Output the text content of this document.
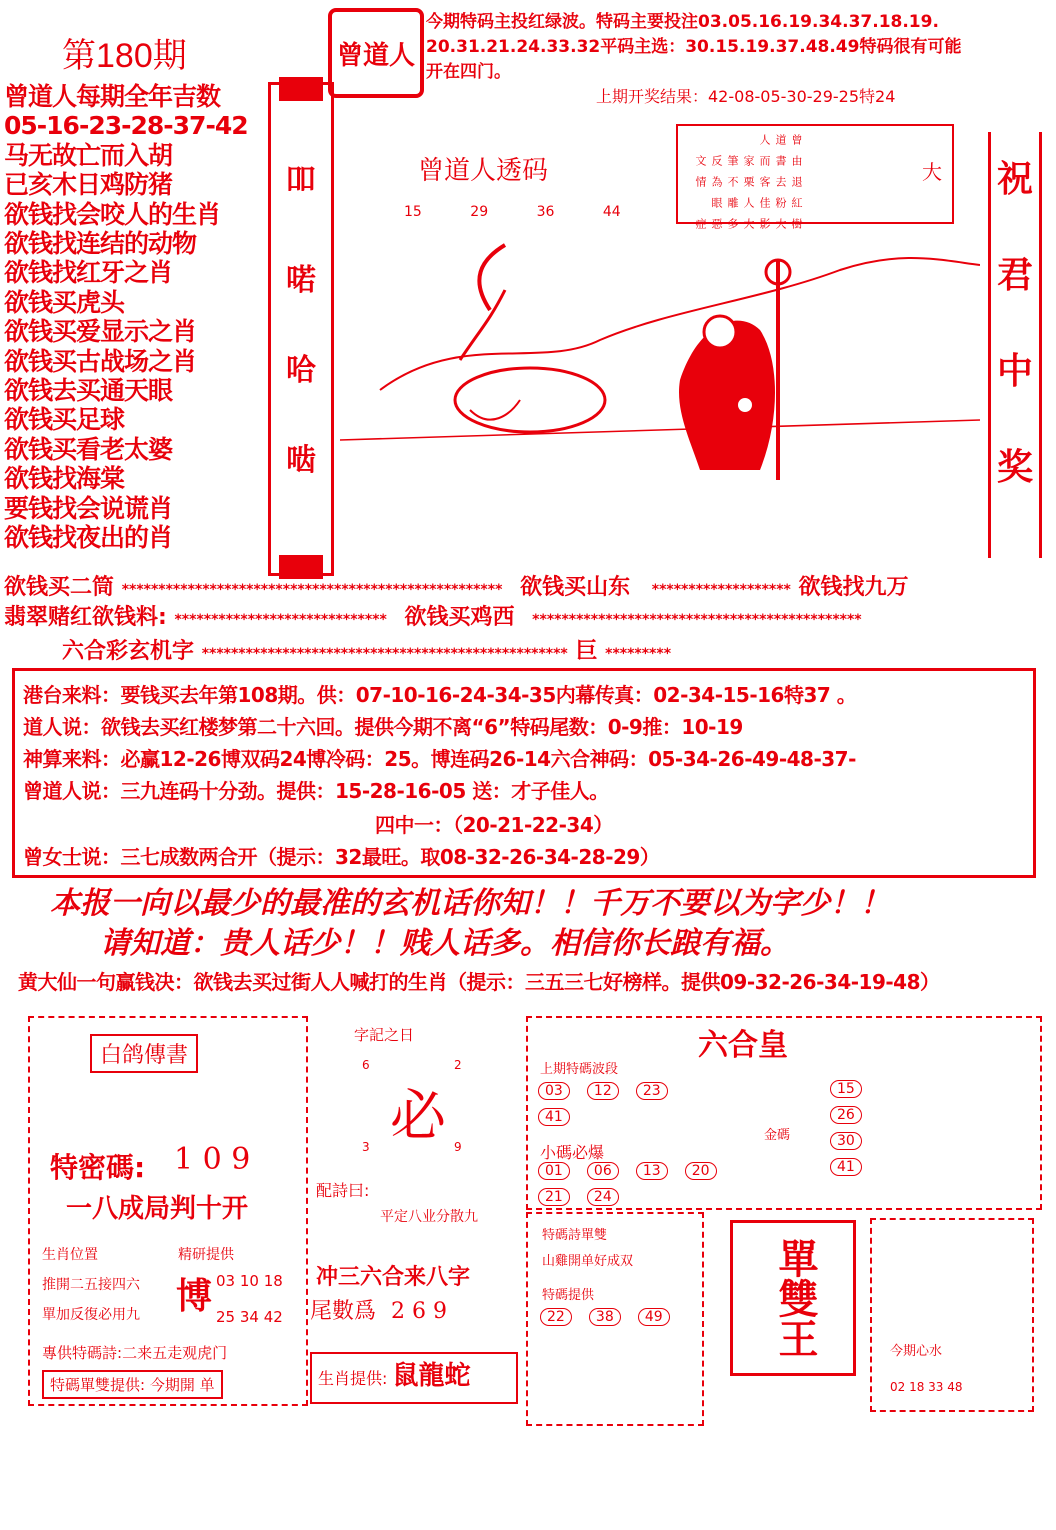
第180期	曾道人
今期特码主投红绿波。特码主要投注03.05.16.19.34.37.18.19.
20.31.21.24.33.32平码主选：30.15.19.37.48.49特码很有可能
开在四门。
上期开奖结果：42-08-05-30-29-25特24
曾道人每期全年吉数
05-16-23-28-37-42
马无故亡而入胡
已亥木日鸡防猪
欲钱找会咬人的生肖
欲钱找连结的动物
欲钱找红牙之肖
欲钱买虎头
欲钱买爱显示之肖
欲钱买古战场之肖
欲钱去买通天眼
欲钱买足球
欲钱买看老太婆
欲钱找海棠
要钱找会说谎肖
欲钱找夜出的肖
吅
喏
哈
啮
曾道人
由書而家筆反文
退去客栗不為情
紅粉佳人雕眼
樹大影大多惡症
大 祝
君
中
奖
曾道人透码
15	29	36	44
欲钱买二筒 **************************************************** 欲钱买山东 ******************* 欲钱找九万
翡翠赌红欲钱料: ***************************** 欲钱买鸡西 *********************************************
六合彩玄机字 ************************************************** 巨 *********
港台来料：要钱买去年第108期。供：07-10-16-24-34-35内幕传真：02-34-15-16特37 。
道人说：欲钱去买红楼梦第二十六回。提供今期不离“6”特码尾数：0-9推：10-19
神算来料：必赢12-26博双码24博冷码：25。博连码26-14六合神码：05-34-26-49-48-37-
曾道人说：三九连码十分劲。提供：15-28-16-05 送：才子佳人。
四中一：（20-21-22-34）
曾女士说：三七成数两合开（提示：32最旺。取08-32-26-34-28-29）
本报一向以最少的最准的玄机话你知！！千万不要以为字少！！
请知道：贵人话少！！贱人话多。相信你长踉有福。
黄大仙一句赢钱决：欲钱去买过街人人喊打的生肖（提示：三五三七好榜样。提供09-32-26-34-19-48）
白鸽傳書
特密碼: 1 0 9
一八成局判十开
生肖位置
推開二五接四六
單加反復必用九
精研提供
博 03 10 18
25 34 42
專供特碼詩:二来五走观虎门
特碼單雙提供: 今期開 单
字記之日
6	2
必
3	9
配詩曰:
平定八业分散九
冲三六合来八字
尾數爲 2 6 9
生肖提供: 鼠龍蛇
六合皇
上期特碼波段
03 12 23 41
小碼必爆
01 06 13 20 21 24
15 26 30 41
金碼
特碼詩單雙
山雞開单好成双
特碼提供
22 38 49	單雙王	今期心水
02 18 33 48
